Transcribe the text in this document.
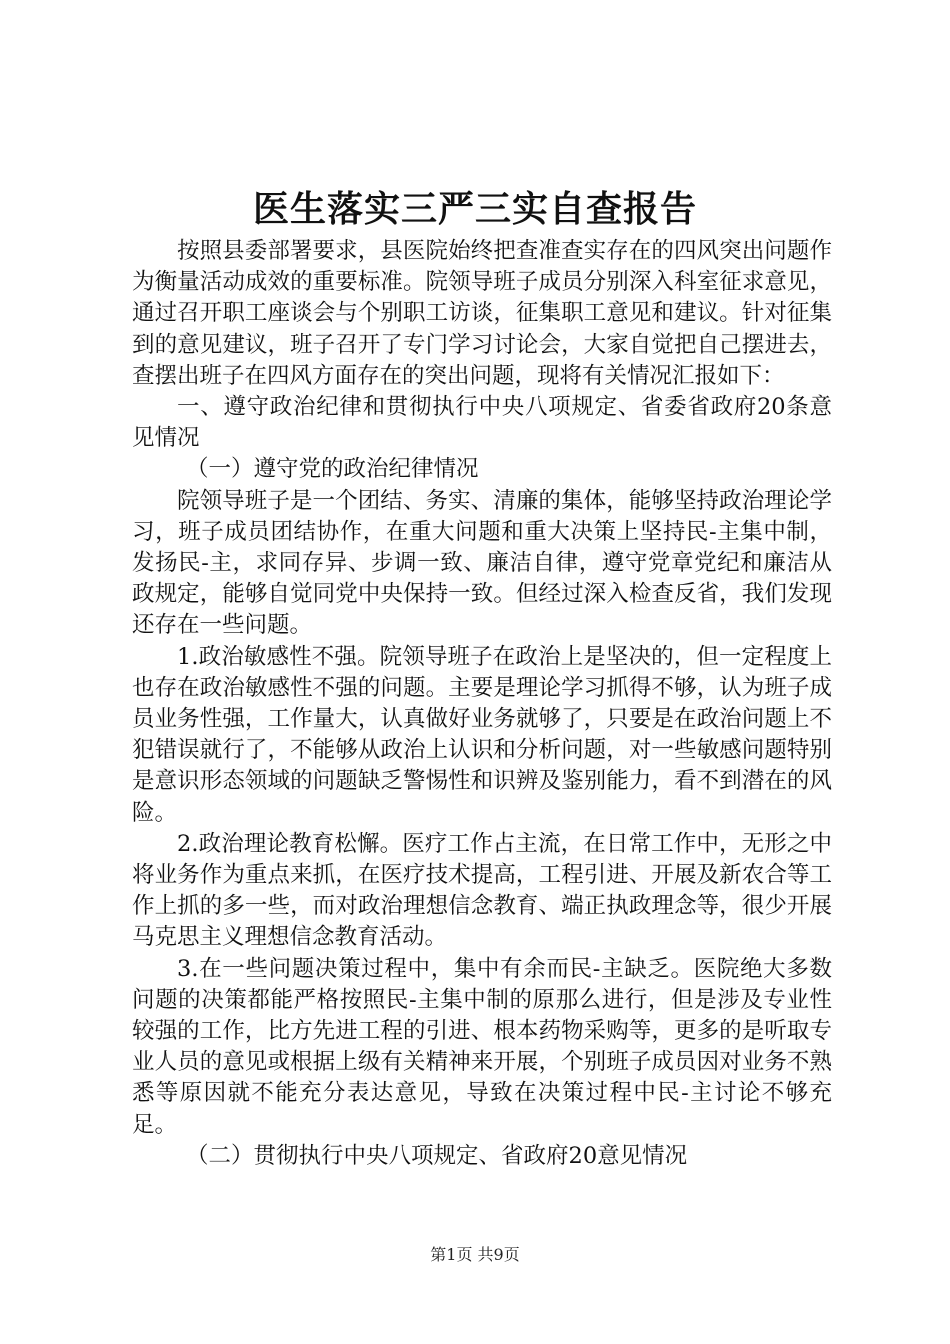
医生落实三严三实自查报告

按照县委部署要求，县医院始终把查准查实存在的四风突出问题作为衡量活动成效的重要标准。院领导班子成员分别深入科室征求意见，通过召开职工座谈会与个别职工访谈，征集职工意见和建议。针对征集到的意见建议，班子召开了专门学习讨论会，大家自觉把自己摆进去，查摆出班子在四风方面存在的突出问题，现将有关情况汇报如下：

一、遵守政治纪律和贯彻执行中央八项规定、省委省政府20条意见情况

（一）遵守党的政治纪律情况

院领导班子是一个团结、务实、清廉的集体，能够坚持政治理论学习，班子成员团结协作，在重大问题和重大决策上坚持民-主集中制，发扬民-主，求同存异、步调一致、廉洁自律，遵守党章党纪和廉洁从政规定，能够自觉同党中央保持一致。但经过深入检查反省，我们发现还存在一些问题。

1.政治敏感性不强。院领导班子在政治上是坚决的，但一定程度上也存在政治敏感性不强的问题。主要是理论学习抓得不够，认为班子成员业务性强，工作量大，认真做好业务就够了，只要是在政治问题上不犯错误就行了，不能够从政治上认识和分析问题，对一些敏感问题特别是意识形态领域的问题缺乏警惕性和识辨及鉴别能力，看不到潜在的风险。

2.政治理论教育松懈。医疗工作占主流，在日常工作中，无形之中将业务作为重点来抓，在医疗技术提高，工程引进、开展及新农合等工作上抓的多一些，而对政治理想信念教育、端正执政理念等，很少开展马克思主义理想信念教育活动。

3.在一些问题决策过程中，集中有余而民-主缺乏。医院绝大多数问题的决策都能严格按照民-主集中制的原那么进行，但是涉及专业性较强的工作，比方先进工程的引进、根本药物采购等，更多的是听取专业人员的意见或根据上级有关精神来开展，个别班子成员因对业务不熟悉等原因就不能充分表达意见，导致在决策过程中民-主讨论不够充足。

（二）贯彻执行中央八项规定、省政府20意见情况

第1页 共9页
